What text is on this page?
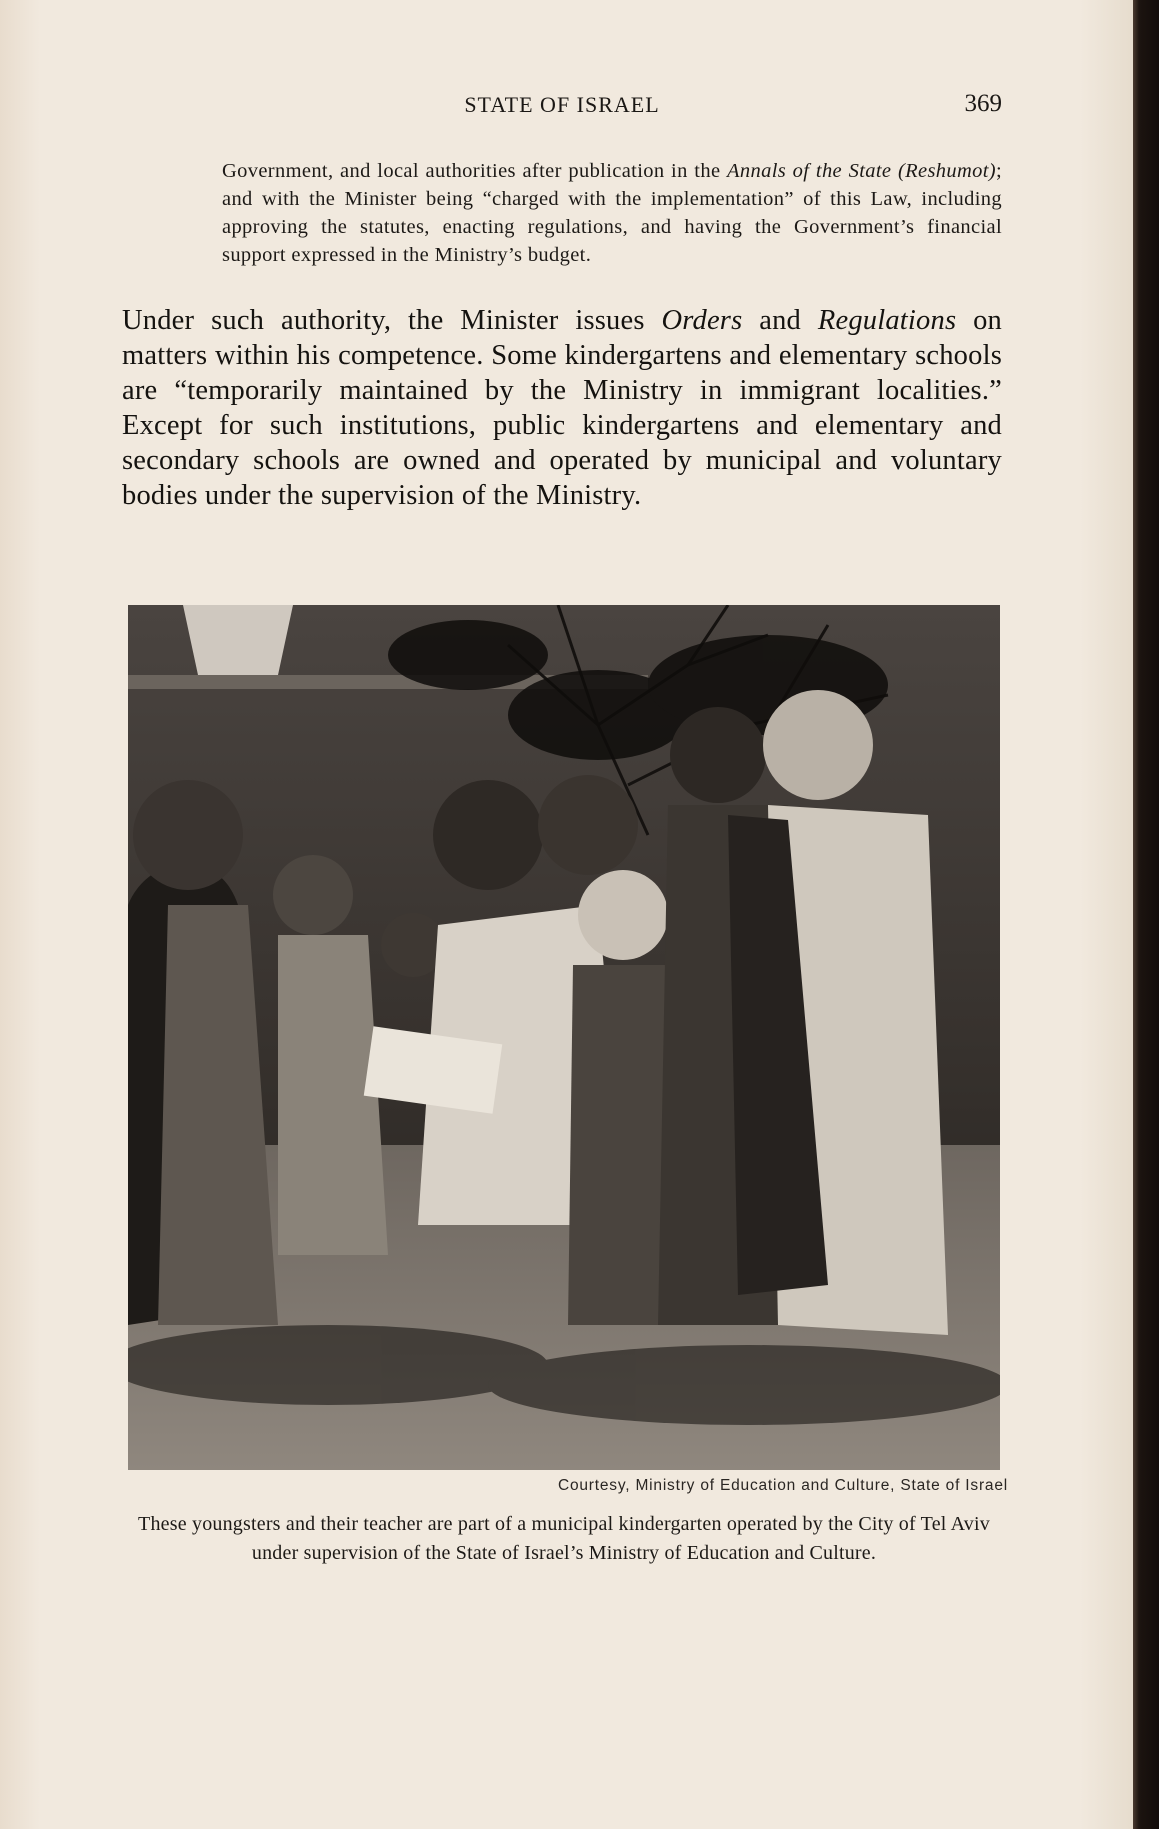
STATE OF ISRAEL	369

Government, and local authorities after publication in the Annals of the State (Reshumot); and with the Minister being “charged with the implementation” of this Law, including approving the statutes, enacting regulations, and having the Government’s financial support expressed in the Ministry’s budget.

Under such authority, the Minister issues Orders and Regulations on matters within his competence. Some kindergartens and elementary schools are “temporarily maintained by the Ministry in immigrant localities.” Except for such institutions, public kindergartens and elementary and secondary schools are owned and operated by municipal and voluntary bodies under the supervision of the Ministry.

Courtesy, Ministry of Education and Culture, State of Israel

These youngsters and their teacher are part of a municipal kindergarten operated by the City of Tel Aviv under supervision of the State of Israel’s Ministry of Education and Culture.
